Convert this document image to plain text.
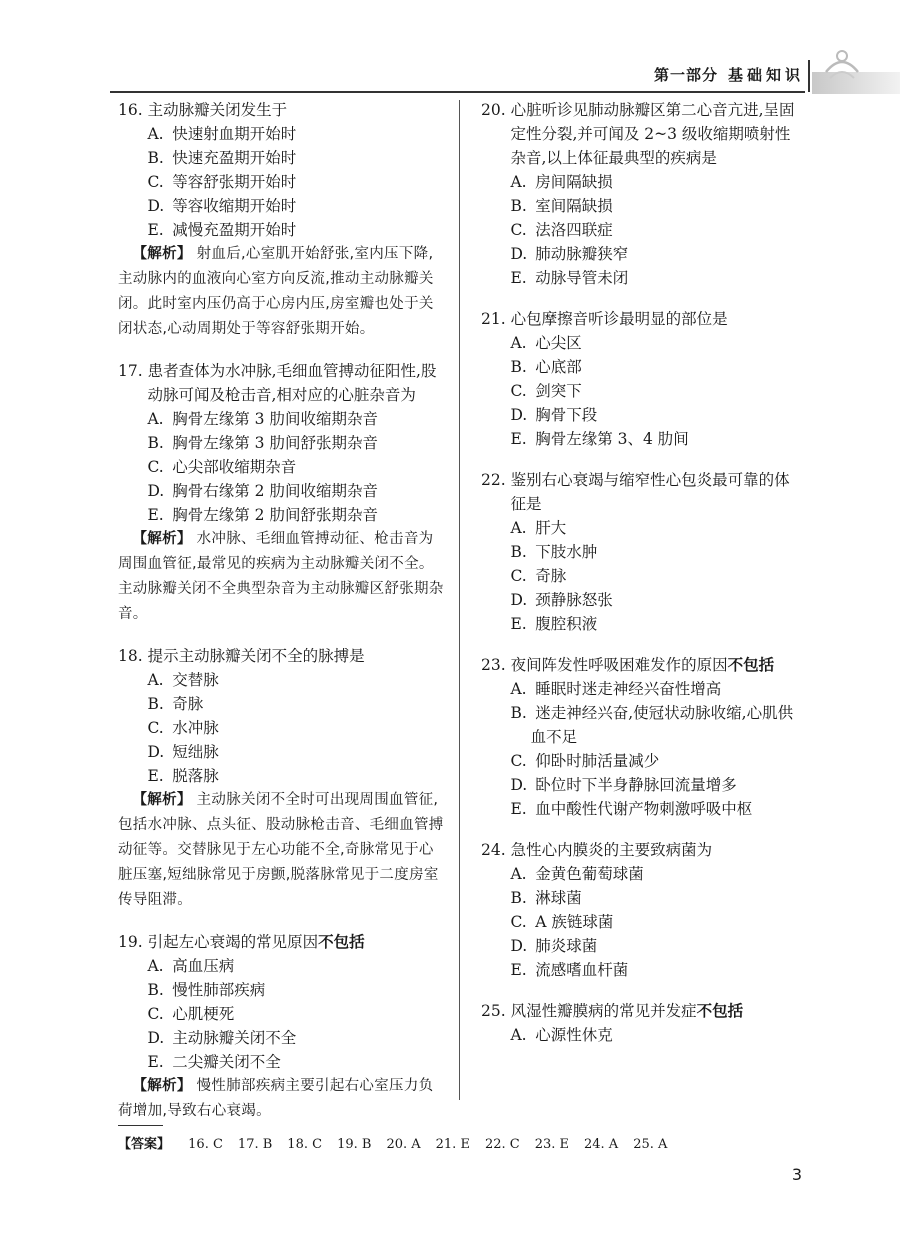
第一部分 基础知识
16. 主动脉瓣关闭发生于
A. 快速射血期开始时
B. 快速充盈期开始时
C. 等容舒张期开始时
D. 等容收缩期开始时
E. 减慢充盈期开始时
【解析】 射血后,心室肌开始舒张,室内压下降,主动脉内的血液向心室方向反流,推动主动脉瓣关闭。此时室内压仍高于心房内压,房室瓣也处于关闭状态,心动周期处于等容舒张期开始。
17. 患者查体为水冲脉,毛细血管搏动征阳性,股动脉可闻及枪击音,相对应的心脏杂音为
A. 胸骨左缘第 3 肋间收缩期杂音
B. 胸骨左缘第 3 肋间舒张期杂音
C. 心尖部收缩期杂音
D. 胸骨右缘第 2 肋间收缩期杂音
E. 胸骨左缘第 2 肋间舒张期杂音
【解析】 水冲脉、毛细血管搏动征、枪击音为周围血管征,最常见的疾病为主动脉瓣关闭不全。主动脉瓣关闭不全典型杂音为主动脉瓣区舒张期杂音。
18. 提示主动脉瓣关闭不全的脉搏是
A. 交替脉
B. 奇脉
C. 水冲脉
D. 短绌脉
E. 脱落脉
【解析】 主动脉关闭不全时可出现周围血管征,包括水冲脉、点头征、股动脉枪击音、毛细血管搏动征等。交替脉见于左心功能不全,奇脉常见于心脏压塞,短绌脉常见于房颤,脱落脉常见于二度房室传导阻滞。
19. 引起左心衰竭的常见原因不包括
A. 高血压病
B. 慢性肺部疾病
C. 心肌梗死
D. 主动脉瓣关闭不全
E. 二尖瓣关闭不全
【解析】 慢性肺部疾病主要引起右心室压力负荷增加,导致右心衰竭。
20. 心脏听诊见肺动脉瓣区第二心音亢进,呈固定性分裂,并可闻及 2~3 级收缩期喷射性杂音,以上体征最典型的疾病是
A. 房间隔缺损
B. 室间隔缺损
C. 法洛四联症
D. 肺动脉瓣狭窄
E. 动脉导管未闭
21. 心包摩擦音听诊最明显的部位是
A. 心尖区
B. 心底部
C. 剑突下
D. 胸骨下段
E. 胸骨左缘第 3、4 肋间
22. 鉴别右心衰竭与缩窄性心包炎最可靠的体征是
A. 肝大
B. 下肢水肿
C. 奇脉
D. 颈静脉怒张
E. 腹腔积液
23. 夜间阵发性呼吸困难发作的原因不包括
A. 睡眠时迷走神经兴奋性增高
B. 迷走神经兴奋,使冠状动脉收缩,心肌供血不足
C. 仰卧时肺活量减少
D. 卧位时下半身静脉回流量增多
E. 血中酸性代谢产物刺激呼吸中枢
24. 急性心内膜炎的主要致病菌为
A. 金黄色葡萄球菌
B. 淋球菌
C. A 族链球菌
D. 肺炎球菌
E. 流感嗜血杆菌
25. 风湿性瓣膜病的常见并发症不包括
A. 心源性休克
【答案】 16. C 17. B 18. C 19. B 20. A 21. E 22. C 23. E 24. A 25. A
3
